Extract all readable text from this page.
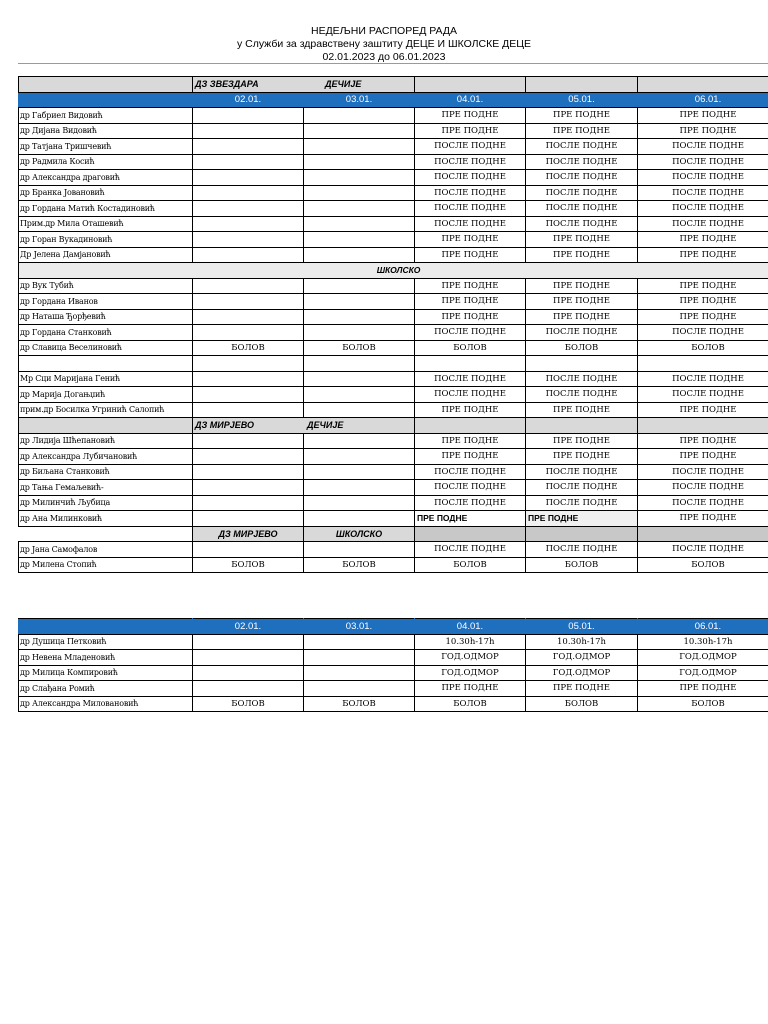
НЕДЕЉНИ РАСПОРЕД РАДА
у Служби за здравствену заштиту ДЕЦЕ И ШКОЛСКЕ ДЕЦЕ
02.01.2023 до 06.01.2023
	ДЗ ЗВЕЗДАРА ДЕЧИЈЕ				
	02.01.	03.01.	04.01.	05.01.	06.01.
др Габриел Видовић			ПРЕ ПОДНЕ	ПРЕ ПОДНЕ	ПРЕ ПОДНЕ
др Дијана Видовић			ПРЕ ПОДНЕ	ПРЕ ПОДНЕ	ПРЕ ПОДНЕ
др Татјана Тришчевић			ПОСЛЕ ПОДНЕ	ПОСЛЕ ПОДНЕ	ПОСЛЕ ПОДНЕ
др Радмила Косић			ПОСЛЕ ПОДНЕ	ПОСЛЕ ПОДНЕ	ПОСЛЕ ПОДНЕ
др Александра драговић			ПОСЛЕ ПОДНЕ	ПОСЛЕ ПОДНЕ	ПОСЛЕ ПОДНЕ
др Бранка Јовановић			ПОСЛЕ ПОДНЕ	ПОСЛЕ ПОДНЕ	ПОСЛЕ ПОДНЕ
др Гордана Матић Костадиновић			ПОСЛЕ ПОДНЕ	ПОСЛЕ ПОДНЕ	ПОСЛЕ ПОДНЕ
Прим.др Мила Оташевић			ПОСЛЕ ПОДНЕ	ПОСЛЕ ПОДНЕ	ПОСЛЕ ПОДНЕ
др Горан Вукадиновић			ПРЕ ПОДНЕ	ПРЕ ПОДНЕ	ПРЕ ПОДНЕ
Др Јелена Дамјановић			ПРЕ ПОДНЕ	ПРЕ ПОДНЕ	ПРЕ ПОДНЕ
ШКОЛСКО					
др Вук Тубић			ПРЕ ПОДНЕ	ПРЕ ПОДНЕ	ПРЕ ПОДНЕ
др Гордана Иванов			ПРЕ ПОДНЕ	ПРЕ ПОДНЕ	ПРЕ ПОДНЕ
др Наташа Ђорђевић			ПРЕ ПОДНЕ	ПРЕ ПОДНЕ	ПРЕ ПОДНЕ
др Гордана Станковић			ПОСЛЕ ПОДНЕ	ПОСЛЕ ПОДНЕ	ПОСЛЕ ПОДНЕ
др Славица Веселиновић	БОЛОВ	БОЛОВ	БОЛОВ	БОЛОВ	БОЛОВ

Мр Сци Маријана Генић			ПОСЛЕ ПОДНЕ	ПОСЛЕ ПОДНЕ	ПОСЛЕ ПОДНЕ
др Марија Догањџић			ПОСЛЕ ПОДНЕ	ПОСЛЕ ПОДНЕ	ПОСЛЕ ПОДНЕ
прим.др Босилка Угринић Салопић			ПРЕ ПОДНЕ	ПРЕ ПОДНЕ	ПРЕ ПОДНЕ
	ДЗ МИРЈЕВО ДЕЧИЈЕ				
др Лидија Шћепановић			ПРЕ ПОДНЕ	ПРЕ ПОДНЕ	ПРЕ ПОДНЕ
др Александра Лубичановић			ПРЕ ПОДНЕ	ПРЕ ПОДНЕ	ПРЕ ПОДНЕ
др Биљана Станковић			ПОСЛЕ ПОДНЕ	ПОСЛЕ ПОДНЕ	ПОСЛЕ ПОДНЕ
др Тања Гемаљевић-			ПОСЛЕ ПОДНЕ	ПОСЛЕ ПОДНЕ	ПОСЛЕ ПОДНЕ
др Милинчић Љубица			ПОСЛЕ ПОДНЕ	ПОСЛЕ ПОДНЕ	ПОСЛЕ ПОДНЕ
др Ана Милинковић			ПРЕ ПОДНЕ	ПРЕ ПОДНЕ	ПРЕ ПОДНЕ
	ДЗ МИРЈЕВО	ШКОЛСКО			
др Јана Самофалов			ПОСЛЕ ПОДНЕ	ПОСЛЕ ПОДНЕ	ПОСЛЕ ПОДНЕ
др Милена Стопић	БОЛОВ	БОЛОВ	БОЛОВ	БОЛОВ	БОЛОВ
	02.01.	03.01.	04.01.	05.01.	06.01.
др Душица Петковић			10.30h-17h	10.30h-17h	10.30h-17h
др Невена Младеновић			ГОД.ОДМОР	ГОД.ОДМОР	ГОД.ОДМОР
др Милица Компировић			ГОД.ОДМОР	ГОД.ОДМОР	ГОД.ОДМОР
др Слађана Ромић			ПРЕ ПОДНЕ	ПРЕ ПОДНЕ	ПРЕ ПОДНЕ
др Александра Миловановић	БОЛОВ	БОЛОВ	БОЛОВ	БОЛОВ	БОЛОВ
